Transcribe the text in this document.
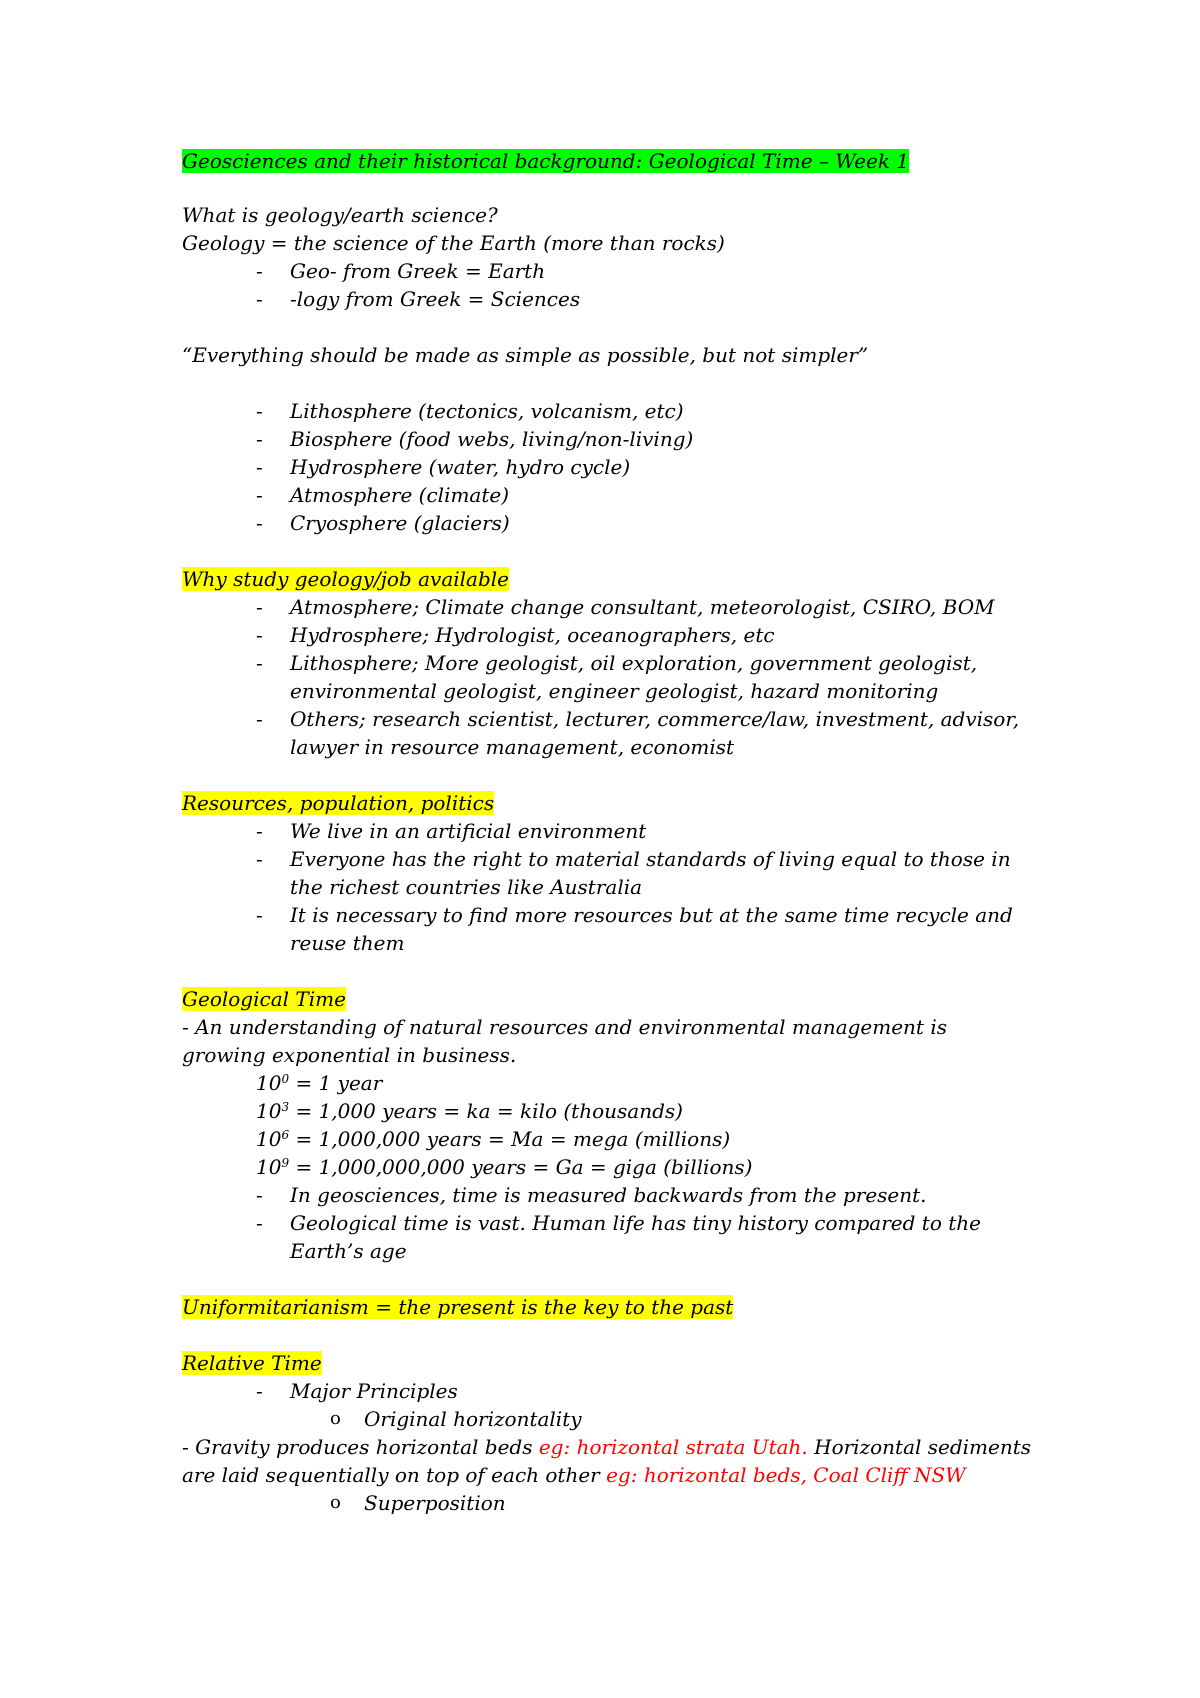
Geosciences and their historical background: Geological Time – Week 1
What is geology/earth science?
Geology = the science of the Earth (more than rocks)
- Geo- from Greek = Earth
- -logy from Greek = Sciences
“Everything should be made as simple as possible, but not simpler”
- Lithosphere (tectonics, volcanism, etc)
- Biosphere (food webs, living/non-living)
- Hydrosphere (water, hydro cycle)
- Atmosphere (climate)
- Cryosphere (glaciers)
Why study geology/job available
- Atmosphere; Climate change consultant, meteorologist, CSIRO, BOM
- Hydrosphere; Hydrologist, oceanographers, etc
- Lithosphere; More geologist, oil exploration, government geologist,
environmental geologist, engineer geologist, hazard monitoring
- Others; research scientist, lecturer, commerce/law, investment, advisor,
lawyer in resource management, economist
Resources, population, politics
- We live in an artificial environment
- Everyone has the right to material standards of living equal to those in
the richest countries like Australia
- It is necessary to find more resources but at the same time recycle and
reuse them
Geological Time
- An understanding of natural resources and environmental management is
growing exponential in business.
$10^0 = 1$ year
$10^3 = 1,000$ years = ka = kilo (thousands)
$10^6 = 1,000,000$ years = Ma = mega (millions)
$10^9 = 1,000,000,000$ years = Ga = giga (billions)
- In geosciences, time is measured backwards from the present.
- Geological time is vast. Human life has tiny history compared to the
Earth’s age
Uniformitarianism = the present is the key to the past
Relative Time
- Major Principles
o Original horizontality
- Gravity produces horizontal beds eg: horizontal strata Utah. Horizontal sediments
are laid sequentially on top of each other eg: horizontal beds, Coal Cliff NSW
o Superposition
